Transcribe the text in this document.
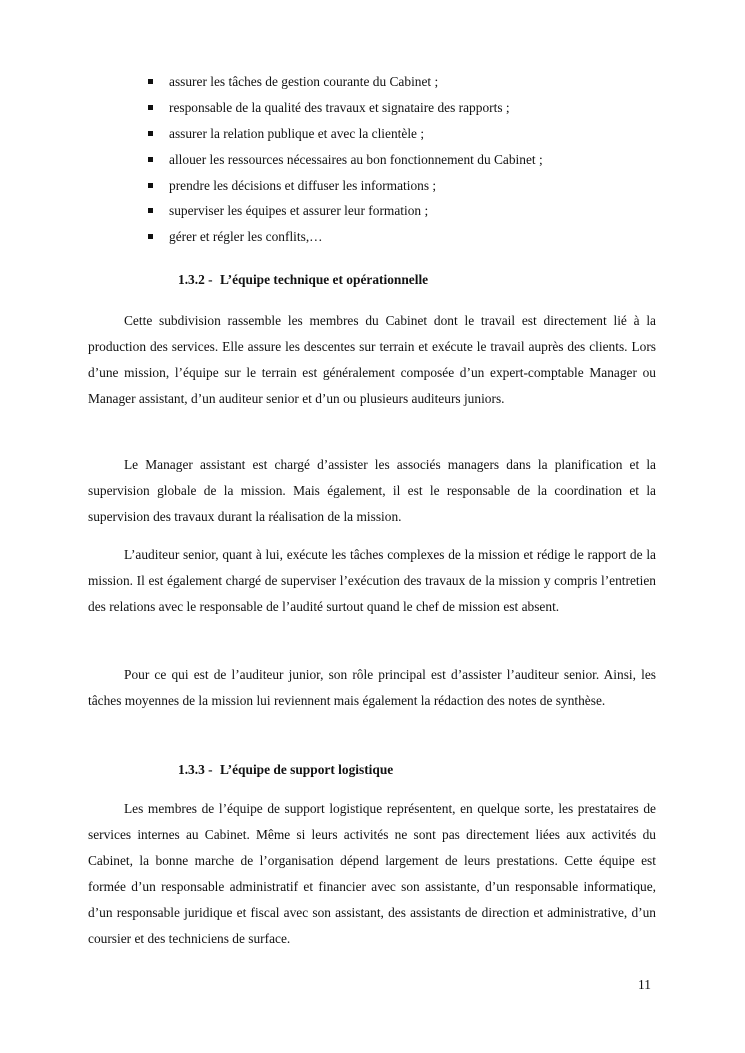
assurer les tâches de gestion courante du Cabinet ;
responsable de la qualité des travaux et signataire des rapports ;
assurer la relation publique et avec la clientèle ;
allouer les ressources nécessaires au bon fonctionnement du Cabinet ;
prendre les décisions et diffuser les informations ;
superviser les équipes et assurer leur formation ;
gérer et régler les conflits,…
1.3.2 - L’équipe technique et opérationnelle

Cette subdivision rassemble les membres du Cabinet dont le travail est directement lié à la production des services. Elle assure les descentes sur terrain et exécute le travail auprès des clients. Lors d’une mission, l’équipe sur le terrain est généralement composée d’un expert-comptable Manager ou Manager assistant, d’un auditeur senior et d’un ou plusieurs auditeurs juniors.

Le Manager assistant est chargé d’assister les associés managers dans la planification et la supervision globale de la mission. Mais également, il est le responsable de la coordination et la supervision des travaux durant la réalisation de la mission.

L’auditeur senior, quant à lui, exécute les tâches complexes de la mission et rédige le rapport de la mission. Il est également chargé de superviser l’exécution des travaux de la mission y compris l’entretien des relations avec le responsable de l’audité surtout quand le chef de mission est absent.

Pour ce qui est de l’auditeur junior, son rôle principal est d’assister l’auditeur senior. Ainsi, les tâches moyennes de la mission lui reviennent mais également la rédaction des notes de synthèse.

1.3.3 - L’équipe de support logistique

Les membres de l’équipe de support logistique représentent, en quelque sorte, les prestataires de services internes au Cabinet. Même si leurs activités ne sont pas directement liées aux activités du Cabinet, la bonne marche de l’organisation dépend largement de leurs prestations. Cette équipe est formée d’un responsable administratif et financier avec son assistante, d’un responsable informatique, d’un responsable juridique et fiscal avec son assistant, des assistants de direction et administrative, d’un coursier et des techniciens de surface.

11
